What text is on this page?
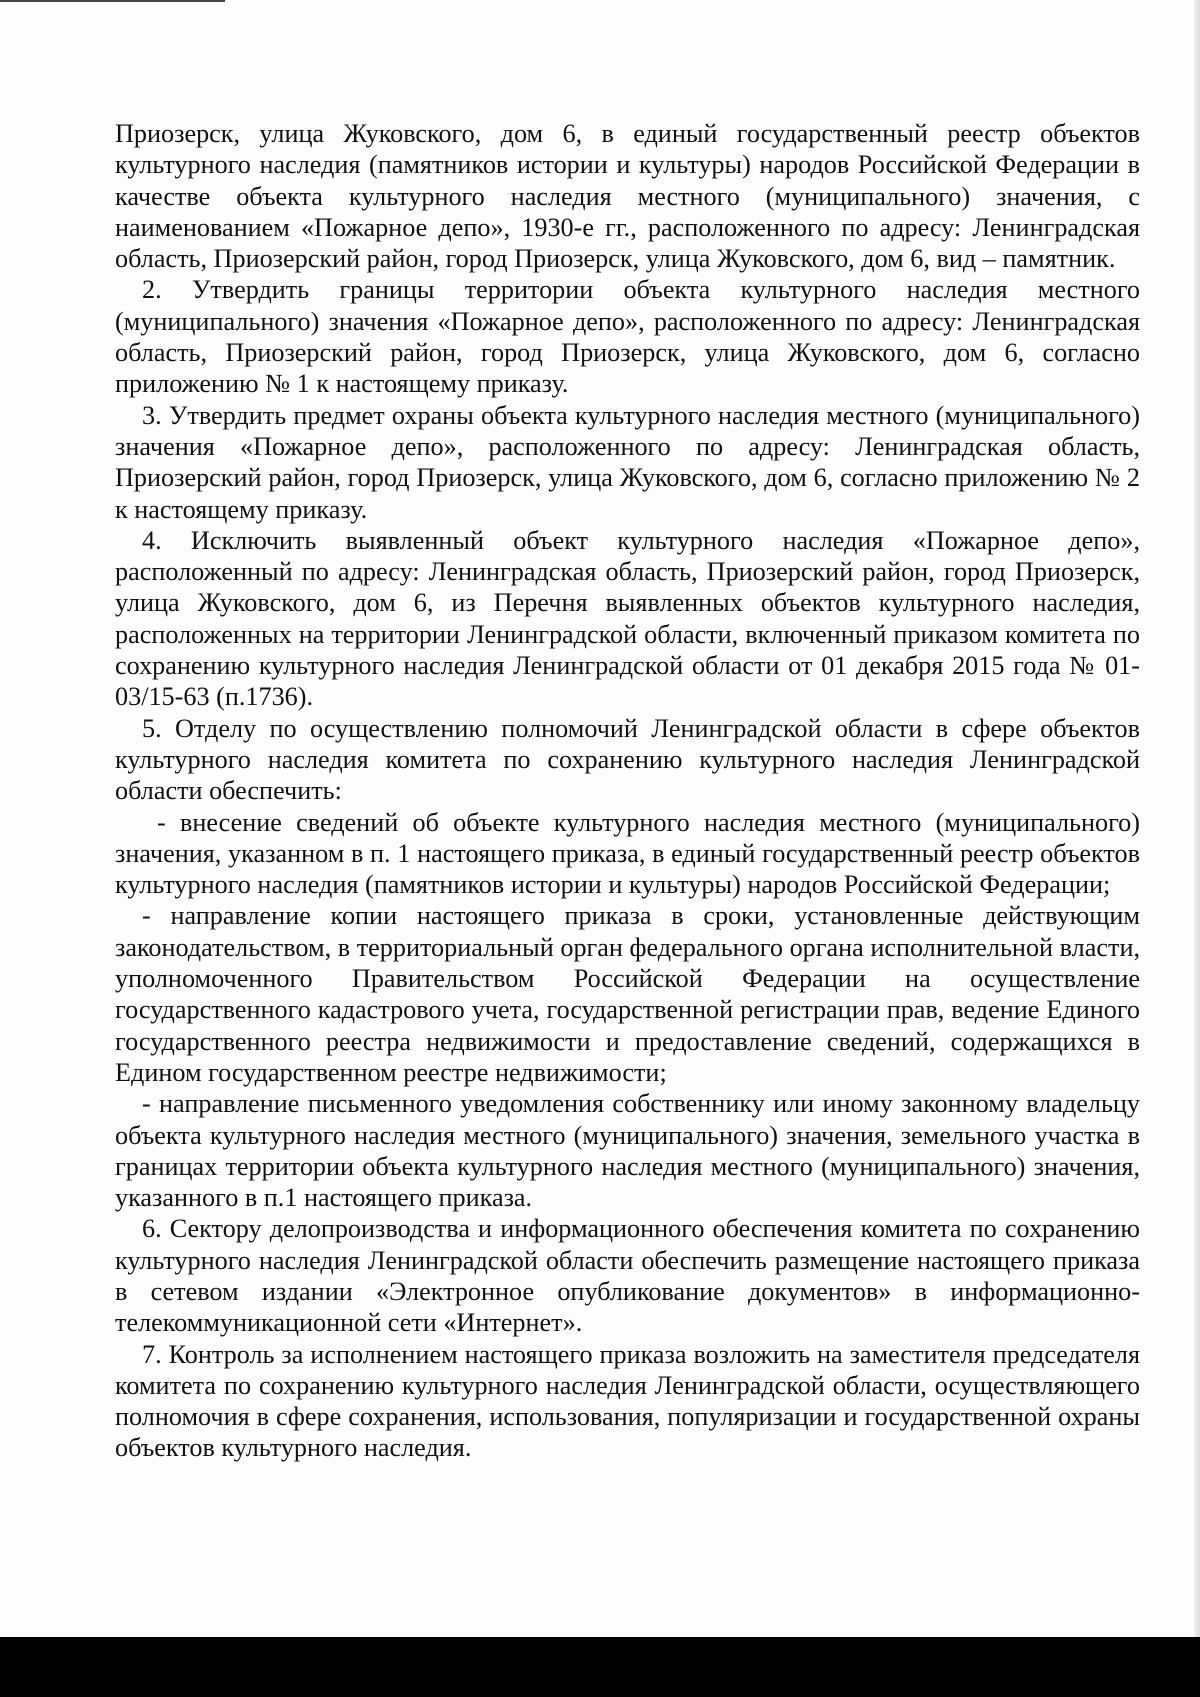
Приозерск, улица Жуковского, дом 6, в единый государственный реестр объектов культурного наследия (памятников истории и культуры) народов Российской Федерации в качестве объекта культурного наследия местного (муниципального) значения, с наименованием «Пожарное депо», 1930-е гг., расположенного по адресу: Ленинградская область, Приозерский район, город Приозерск, улица Жуковского, дом 6, вид – памятник.

2. Утвердить границы территории объекта культурного наследия местного (муниципального) значения «Пожарное депо», расположенного по адресу: Ленинградская область, Приозерский район, город Приозерск, улица Жуковского, дом 6, согласно приложению № 1 к настоящему приказу.

3. Утвердить предмет охраны объекта культурного наследия местного (муниципального) значения «Пожарное депо», расположенного по адресу: Ленинградская область, Приозерский район, город Приозерск, улица Жуковского, дом 6, согласно приложению № 2 к настоящему приказу.

4. Исключить выявленный объект культурного наследия «Пожарное депо», расположенный по адресу: Ленинградская область, Приозерский район, город Приозерск, улица Жуковского, дом 6, из Перечня выявленных объектов культурного наследия, расположенных на территории Ленинградской области, включенный приказом комитета по сохранению культурного наследия Ленинградской области от 01 декабря 2015 года № 01-03/15-63 (п.1736).

5. Отделу по осуществлению полномочий Ленинградской области в сфере объектов культурного наследия комитета по сохранению культурного наследия Ленинградской области обеспечить:

- внесение сведений об объекте культурного наследия местного (муниципального) значения, указанном в п. 1 настоящего приказа, в единый государственный реестр объектов культурного наследия (памятников истории и культуры) народов Российской Федерации;

- направление копии настоящего приказа в сроки, установленные действующим законодательством, в территориальный орган федерального органа исполнительной власти, уполномоченного Правительством Российской Федерации на осуществление государственного кадастрового учета, государственной регистрации прав, ведение Единого государственного реестра недвижимости и предоставление сведений, содержащихся в Едином государственном реестре недвижимости;

- направление письменного уведомления собственнику или иному законному владельцу объекта культурного наследия местного (муниципального) значения, земельного участка в границах территории объекта культурного наследия местного (муниципального) значения, указанного в п.1 настоящего приказа.

6. Сектору делопроизводства и информационного обеспечения комитета по сохранению культурного наследия Ленинградской области обеспечить размещение настоящего приказа в сетевом издании «Электронное опубликование документов» в информационно-телекоммуникационной сети «Интернет».

7. Контроль за исполнением настоящего приказа возложить на заместителя председателя комитета по сохранению культурного наследия Ленинградской области, осуществляющего полномочия в сфере сохранения, использования, популяризации и государственной охраны объектов культурного наследия.
